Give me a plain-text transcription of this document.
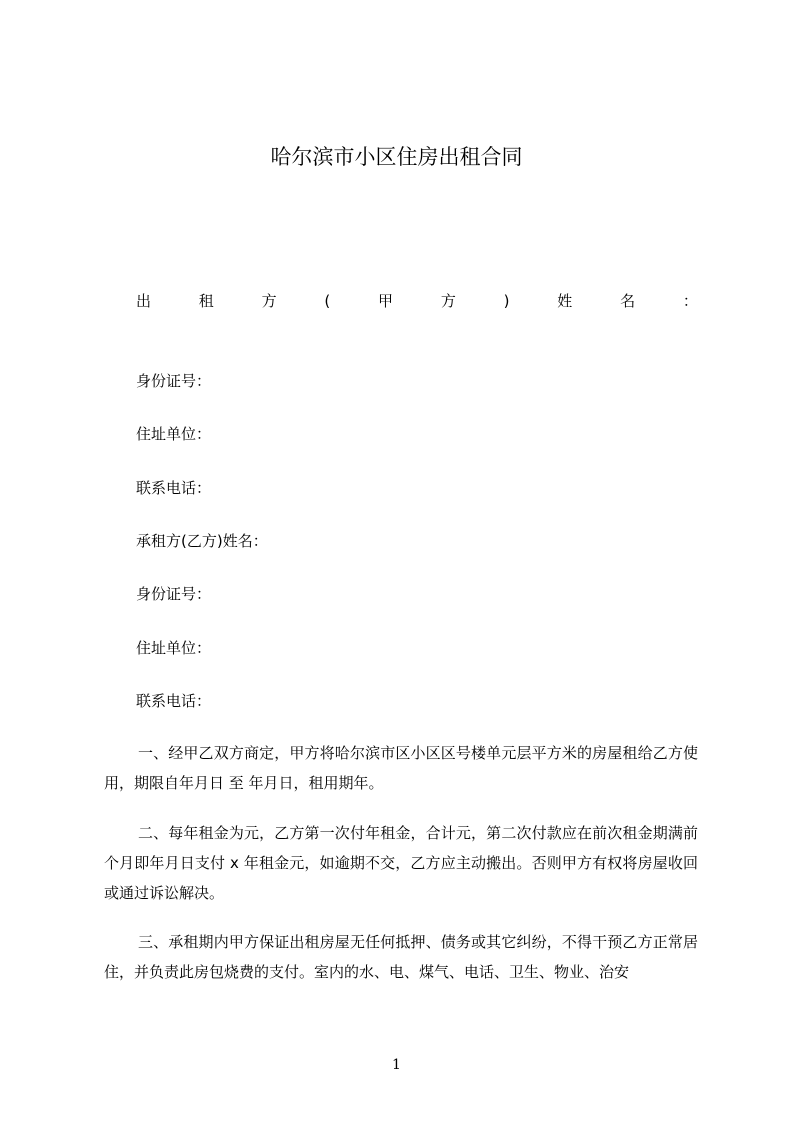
哈尔滨市小区住房出租合同
出	租	方	(	甲	方	)	姓	名	：
身份证号：
住址单位：
联系电话：
承租方(乙方)姓名：
身份证号：
住址单位：
联系电话：

一、经甲乙双方商定，甲方将哈尔滨市区小区区号楼单元层平方米的房屋租给乙方使用，期限自年月日 至 年月日，租用期年。

二、每年租金为元，乙方第一次付年租金，合计元，第二次付款应在前次租金期满前个月即年月日支付 x 年租金元，如逾期不交，乙方应主动搬出。否则甲方有权将房屋收回或通过诉讼解决。

三、承租期内甲方保证出租房屋无任何抵押、债务或其它纠纷，不得干预乙方正常居住，并负责此房包烧费的支付。室内的水、电、煤气、电话、卫生、物业、治安

1
